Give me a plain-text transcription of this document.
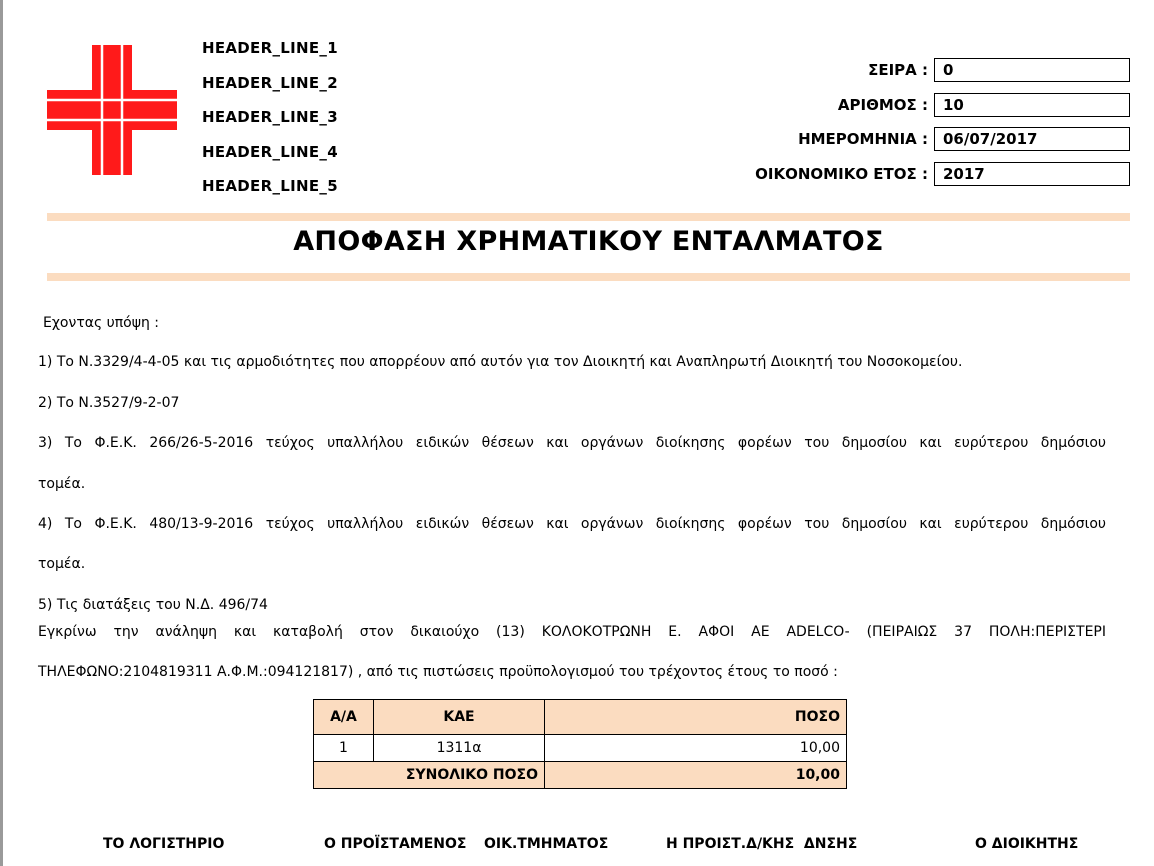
HEADER_LINE_1
HEADER_LINE_2
HEADER_LINE_3
HEADER_LINE_4
HEADER_LINE_5
ΣΕΙΡΑ :	0
ΑΡΙΘΜΟΣ :	10
ΗΜΕΡΟΜΗΝΙΑ :	06/07/2017
ΟΙΚΟΝΟΜΙΚΟ ΕΤΟΣ :	2017
ΑΠΟΦΑΣΗ ΧΡΗΜΑΤΙΚΟΥ ΕΝΤΑΛΜΑΤΟΣ
Εχοντας υπόψη :
1) Το Ν.3329/4-4-05 και τις αρμοδιότητες που απορρέουν από αυτόν για τον Διοικητή και Αναπληρωτή Διοικητή του Νοσοκομείου.
2) Το Ν.3527/9-2-07
3) Το Φ.Ε.Κ. 266/26-5-2016 τεύχος υπαλλήλου ειδικών θέσεων και οργάνων διοίκησης φορέων του δημοσίου και ευρύτερου δημόσιου
τομέα.
4) Το Φ.Ε.Κ. 480/13-9-2016 τεύχος υπαλλήλου ειδικών θέσεων και οργάνων διοίκησης φορέων του δημοσίου και ευρύτερου δημόσιου
τομέα.
5) Τις διατάξεις του Ν.Δ. 496/74
Εγκρίνω την ανάληψη και καταβολή στον δικαιούχο (13) ΚΟΛΟΚΟΤΡΩΝΗ Ε. ΑΦΟΙ ΑΕ ADELCO- (ΠΕΙΡΑΙΩΣ 37 ΠΟΛΗ:ΠΕΡΙΣΤΕΡΙ
ΤΗΛΕΦΩΝΟ:2104819311 Α.Φ.Μ.:094121817) , από τις πιστώσεις προϋπολογισμού του τρέχοντος έτους το ποσό :
Α/Α	ΚΑΕ	ΠΟΣΟ
1	1311α	10,00
ΣΥΝΟΛΙΚΟ ΠΟΣΟ		10,00
ΤΟ ΛΟΓΙΣΤΗΡΙΟ	Ο ΠΡΟΪΣΤΑΜΕΝΟΣ ΟΙΚ.ΤΜΗΜΑΤΟΣ	Η ΠΡΟΙΣΤ.Δ/ΚΗΣ  ΔΝΣΗΣ	Ο ΔΙΟΙΚΗΤΗΣ
